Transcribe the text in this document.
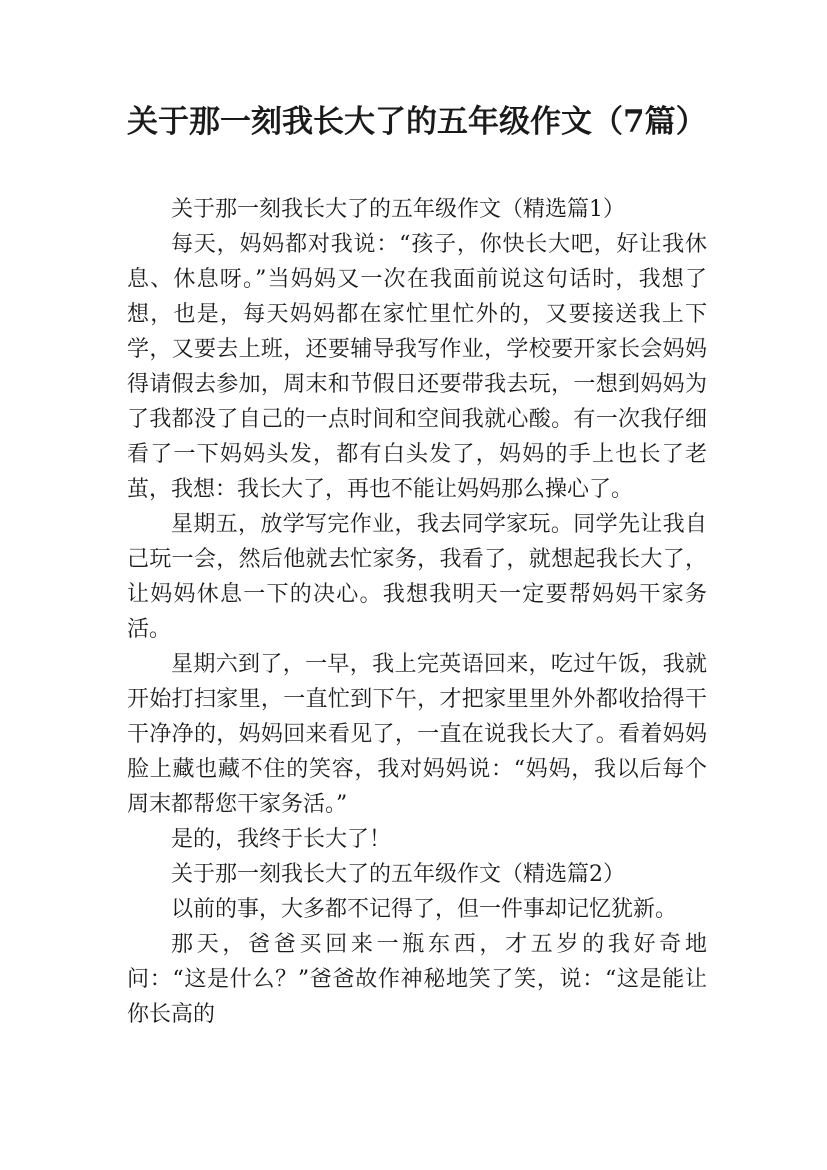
关于那一刻我长大了的五年级作文（7篇）

关于那一刻我长大了的五年级作文（精选篇1）

每天，妈妈都对我说：“孩子，你快长大吧，好让我休息、休息呀。”当妈妈又一次在我面前说这句话时，我想了想，也是，每天妈妈都在家忙里忙外的，又要接送我上下学，又要去上班，还要辅导我写作业，学校要开家长会妈妈得请假去参加，周末和节假日还要带我去玩，一想到妈妈为了我都没了自己的一点时间和空间我就心酸。有一次我仔细看了一下妈妈头发，都有白头发了，妈妈的手上也长了老茧，我想：我长大了，再也不能让妈妈那么操心了。

星期五，放学写完作业，我去同学家玩。同学先让我自己玩一会，然后他就去忙家务，我看了，就想起我长大了，让妈妈休息一下的决心。我想我明天一定要帮妈妈干家务活。

星期六到了，一早，我上完英语回来，吃过午饭，我就开始打扫家里，一直忙到下午，才把家里里外外都收拾得干干净净的，妈妈回来看见了，一直在说我长大了。看着妈妈脸上藏也藏不住的笑容，我对妈妈说：“妈妈，我以后每个周末都帮您干家务活。”

是的，我终于长大了！

关于那一刻我长大了的五年级作文（精选篇2）

以前的事，大多都不记得了，但一件事却记忆犹新。

那天，爸爸买回来一瓶东西，才五岁的我好奇地问：“这是什么？”爸爸故作神秘地笑了笑，说：“这是能让你长高的
